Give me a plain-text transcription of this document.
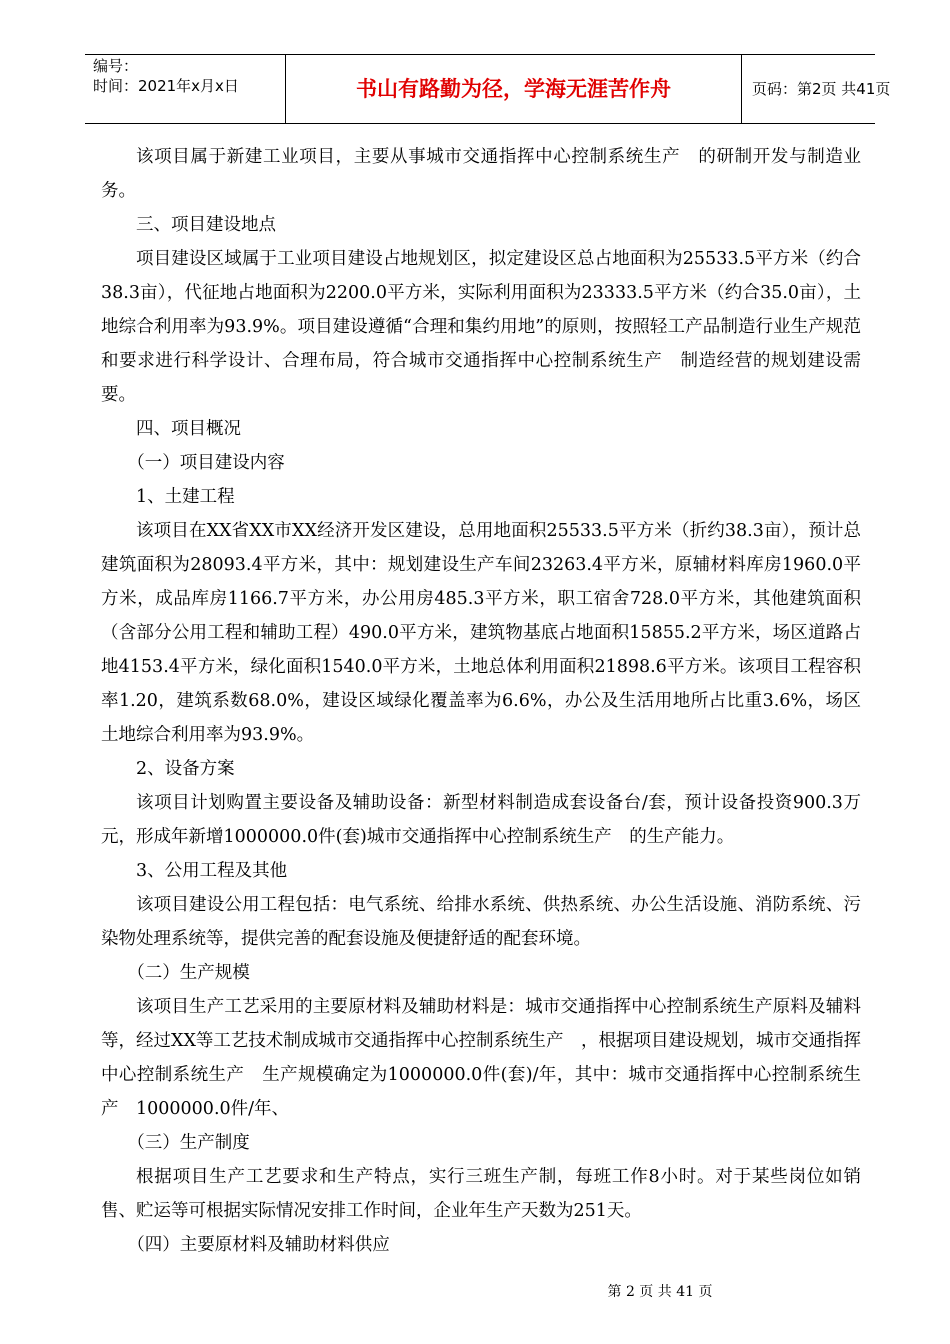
编号：
时间：2021年x月x日	书山有路勤为径，学海无涯苦作舟	页码：第2页 共41页

该项目属于新建工业项目，主要从事城市交通指挥中心控制系统生产　的研制开发与制造业务。

三、项目建设地点

项目建设区域属于工业项目建设占地规划区，拟定建设区总占地面积为25533.5平方米（约合38.3亩），代征地占地面积为2200.0平方米，实际利用面积为23333.5平方米（约合35.0亩），土地综合利用率为93.9%。项目建设遵循“合理和集约用地”的原则，按照轻工产品制造行业生产规范和要求进行科学设计、合理布局，符合城市交通指挥中心控制系统生产　制造经营的规划建设需要。

四、项目概况

（一）项目建设内容

1、土建工程

该项目在XX省XX市XX经济开发区建设，总用地面积25533.5平方米（折约38.3亩），预计总建筑面积为28093.4平方米，其中：规划建设生产车间23263.4平方米，原辅材料库房1960.0平方米，成品库房1166.7平方米，办公用房485.3平方米，职工宿舍728.0平方米，其他建筑面积（含部分公用工程和辅助工程）490.0平方米，建筑物基底占地面积15855.2平方米，场区道路占地4153.4平方米，绿化面积1540.0平方米，土地总体利用面积21898.6平方米。该项目工程容积率1.20，建筑系数68.0%，建设区域绿化覆盖率为6.6%，办公及生活用地所占比重3.6%，场区土地综合利用率为93.9%。

2、设备方案

该项目计划购置主要设备及辅助设备：新型材料制造成套设备台/套，预计设备投资900.3万元，形成年新增1000000.0件(套)城市交通指挥中心控制系统生产　的生产能力。

3、公用工程及其他

该项目建设公用工程包括：电气系统、给排水系统、供热系统、办公生活设施、消防系统、污染物处理系统等，提供完善的配套设施及便捷舒适的配套环境。

（二）生产规模

该项目生产工艺采用的主要原材料及辅助材料是：城市交通指挥中心控制系统生产原料及辅料等，经过XX等工艺技术制成城市交通指挥中心控制系统生产　，根据项目建设规划，城市交通指挥中心控制系统生产　生产规模确定为1000000.0件(套)/年，其中：城市交通指挥中心控制系统生产　1000000.0件/年、

（三）生产制度

根据项目生产工艺要求和生产特点，实行三班生产制，每班工作8小时。对于某些岗位如销售、贮运等可根据实际情况安排工作时间，企业年生产天数为251天。

（四）主要原材料及辅助材料供应

第 2 页 共 41 页
